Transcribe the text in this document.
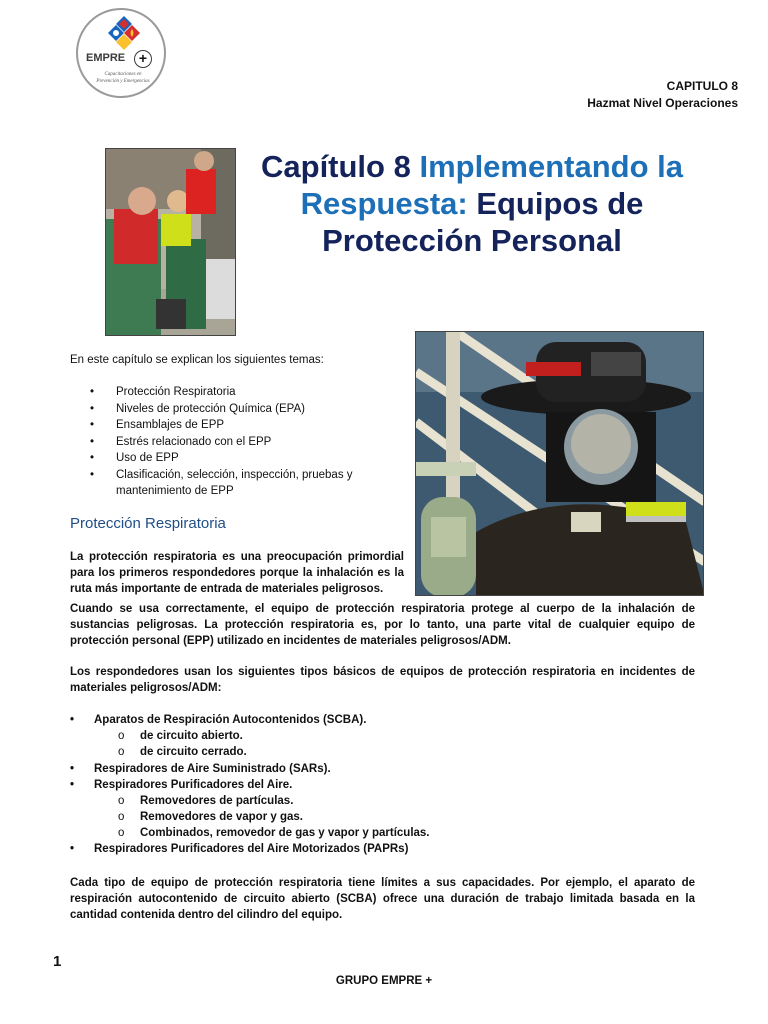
EMPRE +
Capacitaciones en
Prevención y Emergencias	CAPITULO 8
Hazmat Nivel Operaciones
Capítulo 8 Implementando la Respuesta: Equipos de Protección Personal
En este capítulo se explican los siguientes temas:
• Protección Respiratoria
• Niveles de protección Química (EPA)
• Ensamblajes de EPP
• Estrés relacionado con el EPP
• Uso de EPP
• Clasificación, selección, inspección, pruebas y mantenimiento de EPP
Protección Respiratoria
La protección respiratoria es una preocupación primordial para los primeros respondedores porque la inhalación es la ruta más importante de entrada de materiales peligrosos.
Cuando se usa correctamente, el equipo de protección respiratoria protege al cuerpo de la inhalación de sustancias peligrosas. La protección respiratoria es, por lo tanto, una parte vital de cualquier equipo de protección personal (EPP) utilizado en incidentes de materiales peligrosos/ADM.
Los respondedores usan los siguientes tipos básicos de equipos de protección respiratoria en incidentes de materiales peligrosos/ADM:
• Aparatos de Respiración Autocontenidos (SCBA).
o de circuito abierto.
o de circuito cerrado.
• Respiradores de Aire Suministrado (SARs).
• Respiradores Purificadores del Aire.
o Removedores de partículas.
o Removedores de vapor y gas.
o Combinados, removedor de gas y vapor y partículas.
• Respiradores Purificadores del Aire Motorizados (PAPRs)
Cada tipo de equipo de protección respiratoria tiene límites a sus capacidades. Por ejemplo, el aparato de respiración autocontenido de circuito abierto (SCBA) ofrece una duración de trabajo limitada basada en la cantidad contenida dentro del cilindro del equipo.
1
GRUPO EMPRE +
